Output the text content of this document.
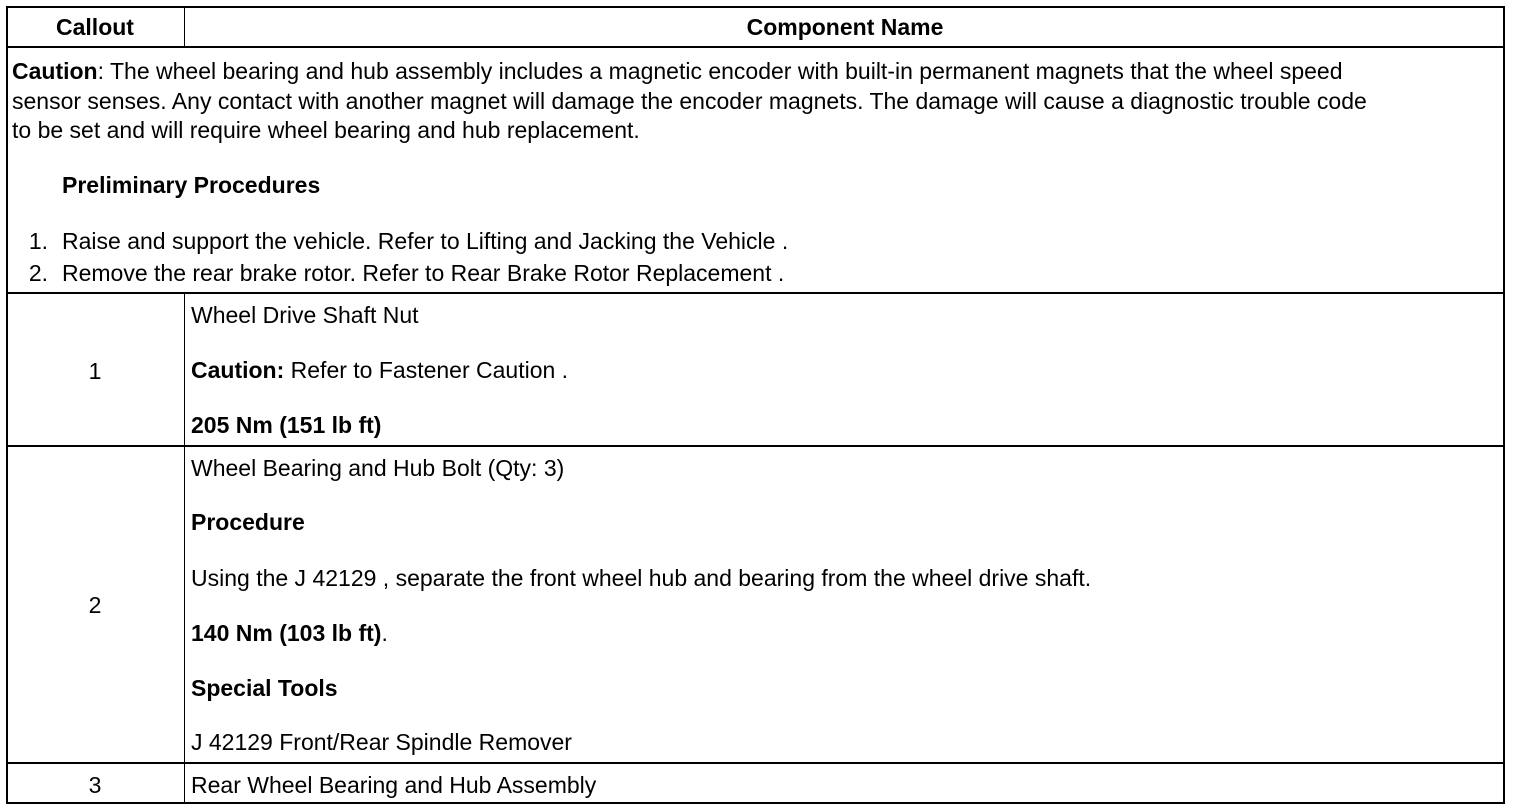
Callout	Component Name
Caution: The wheel bearing and hub assembly includes a magnetic encoder with built-in permanent magnets that the wheel speed
sensor senses. Any contact with another magnet will damage the encoder magnets. The damage will cause a diagnostic trouble code
to be set and will require wheel bearing and hub replacement.
Preliminary Procedures
1. Raise and support the vehicle. Refer to Lifting and Jacking the Vehicle .
2. Remove the rear brake rotor. Refer to Rear Brake Rotor Replacement .
1
Wheel Drive Shaft Nut
Caution: Refer to Fastener Caution .
205 Nm (151 lb ft)
2
Wheel Bearing and Hub Bolt (Qty: 3)
Procedure
Using the J 42129 , separate the front wheel hub and bearing from the wheel drive shaft.
140 Nm (103 lb ft).
Special Tools
J 42129 Front/Rear Spindle Remover
3	Rear Wheel Bearing and Hub Assembly
